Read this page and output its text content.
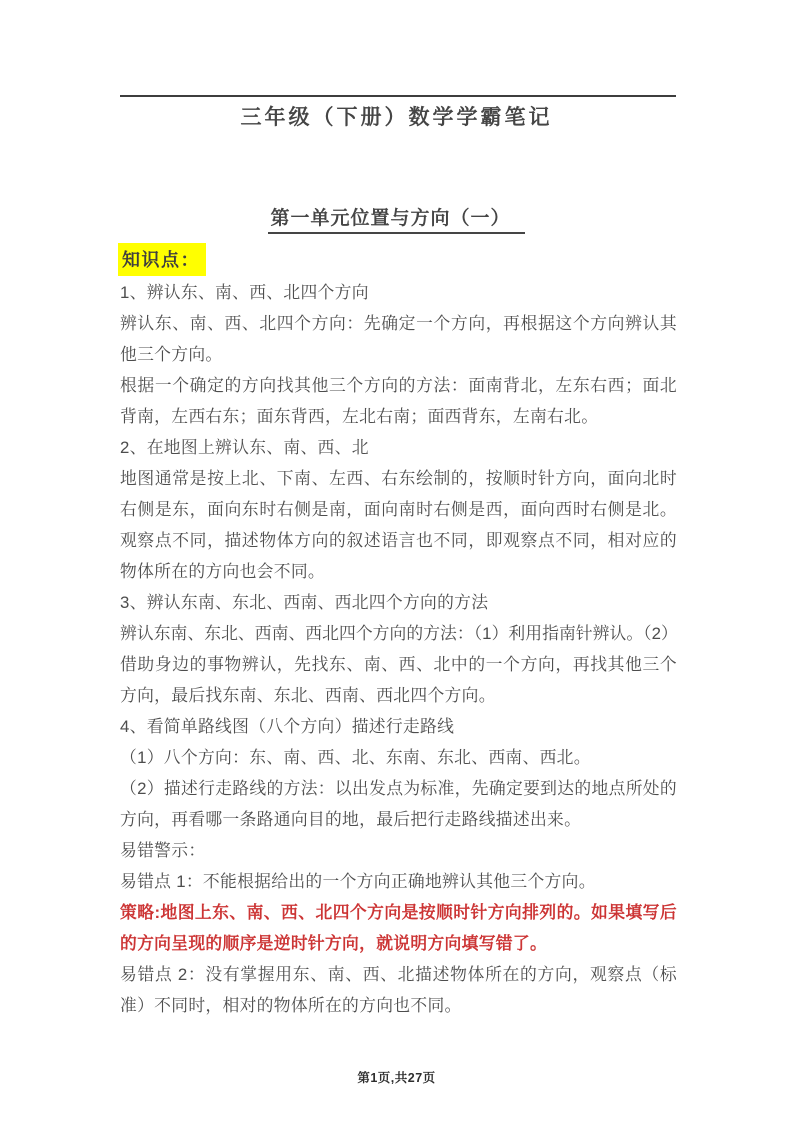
三年级（下册）数学学霸笔记
第一单元位置与方向（一）
知识点：
1、辨认东、南、西、北四个方向
辨认东、南、西、北四个方向：先确定一个方向，再根据这个方向辨认其
他三个方向。
根据一个确定的方向找其他三个方向的方法：面南背北，左东右西；面北
背南，左西右东；面东背西，左北右南；面西背东，左南右北。
2、在地图上辨认东、南、西、北
地图通常是按上北、下南、左西、右东绘制的，按顺时针方向，面向北时
右侧是东，面向东时右侧是南，面向南时右侧是西，面向西时右侧是北。
观察点不同，描述物体方向的叙述语言也不同，即观察点不同，相对应的
物体所在的方向也会不同。
3、辨认东南、东北、西南、西北四个方向的方法
辨认东南、东北、西南、西北四个方向的方法：（1）利用指南针辨认。（2）
借助身边的事物辨认，先找东、南、西、北中的一个方向，再找其他三个
方向，最后找东南、东北、西南、西北四个方向。
4、看简单路线图（八个方向）描述行走路线
（1）八个方向：东、南、西、北、东南、东北、西南、西北。
（2）描述行走路线的方法：以出发点为标准，先确定要到达的地点所处的
方向，再看哪一条路通向目的地，最后把行走路线描述出来。
易错警示：
易错点 1：不能根据给出的一个方向正确地辨认其他三个方向。
策略:地图上东、南、西、北四个方向是按顺时针方向排列的。如果填写后
的方向呈现的顺序是逆时针方向，就说明方向填写错了。
易错点 2：没有掌握用东、南、西、北描述物体所在的方向，观察点（标
准）不同时，相对的物体所在的方向也不同。
第1页,共27页
